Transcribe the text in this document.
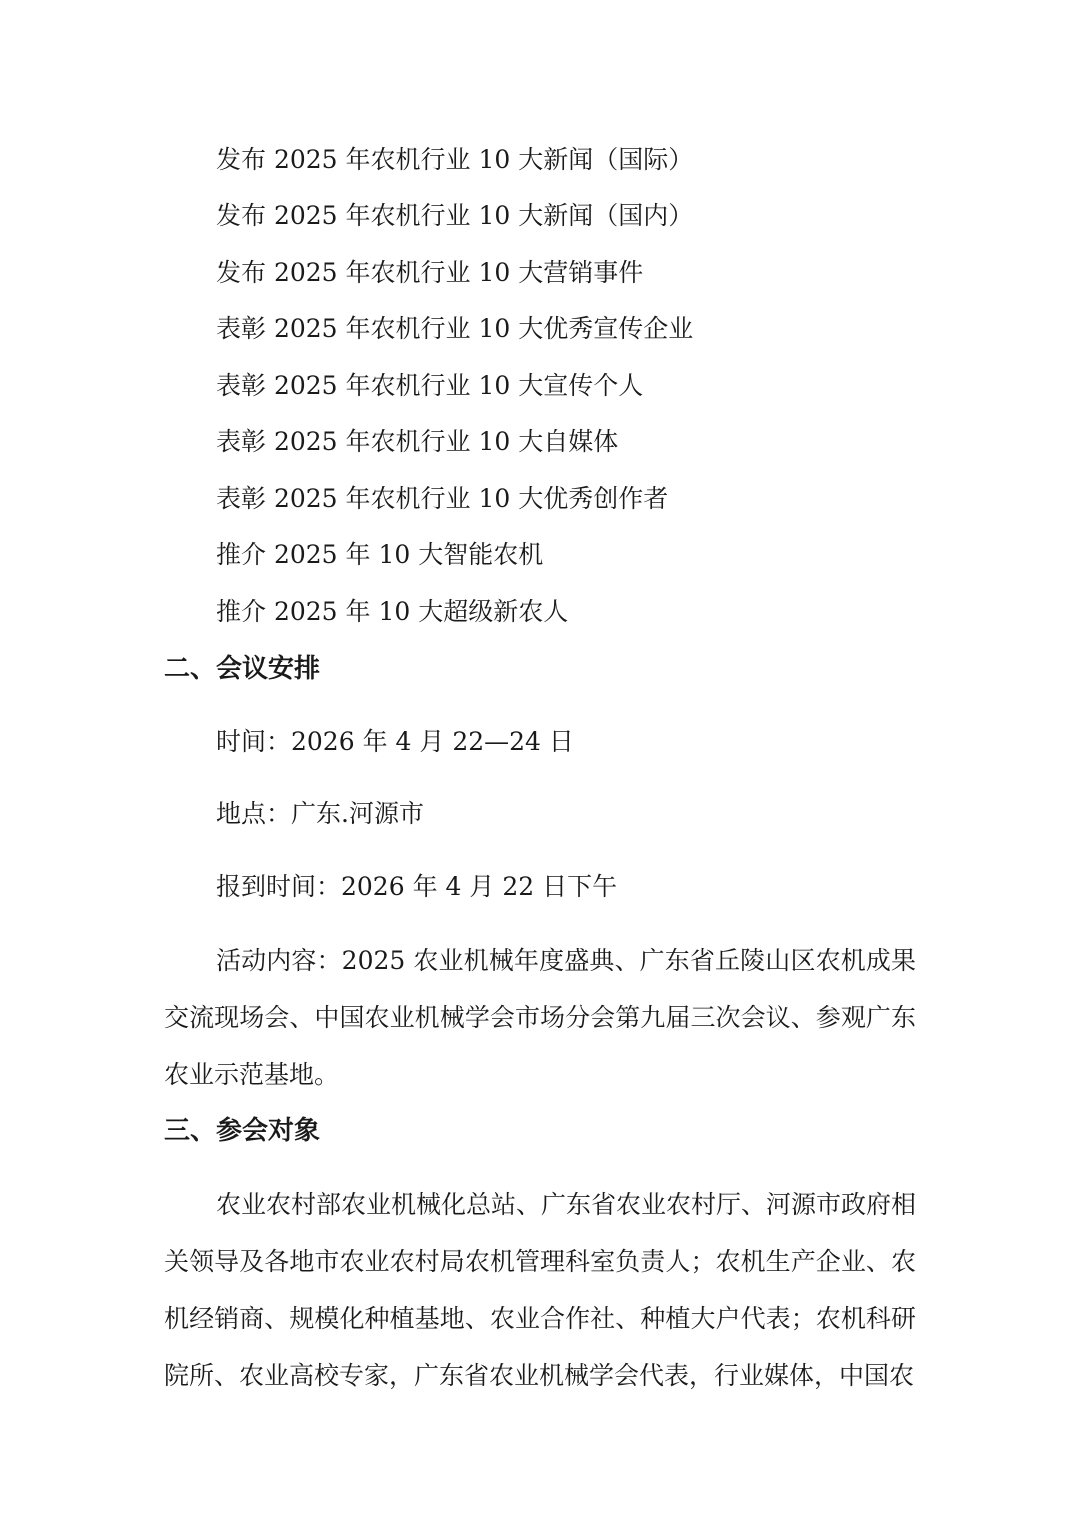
发布 2025 年农机行业 10 大新闻（国际）

发布 2025 年农机行业 10 大新闻（国内）

发布 2025 年农机行业 10 大营销事件

表彰 2025 年农机行业 10 大优秀宣传企业

表彰 2025 年农机行业 10 大宣传个人

表彰 2025 年农机行业 10 大自媒体

表彰 2025 年农机行业 10 大优秀创作者

推介 2025 年 10 大智能农机

推介 2025 年 10 大超级新农人

二、会议安排

时间：2026 年 4 月 22—24 日

地点：广东.河源市

报到时间：2026 年 4 月 22 日下午

活动内容：2025 农业机械年度盛典、广东省丘陵山区农机成果交流现场会、中国农业机械学会市场分会第九届三次会议、参观广东农业示范基地。

三、参会对象

农业农村部农业机械化总站、广东省农业农村厅、河源市政府相关领导及各地市农业农村局农机管理科室负责人；农机生产企业、农机经销商、规模化种植基地、农业合作社、种植大户代表；农机科研院所、农业高校专家，广东省农业机械学会代表，行业媒体，中国农
